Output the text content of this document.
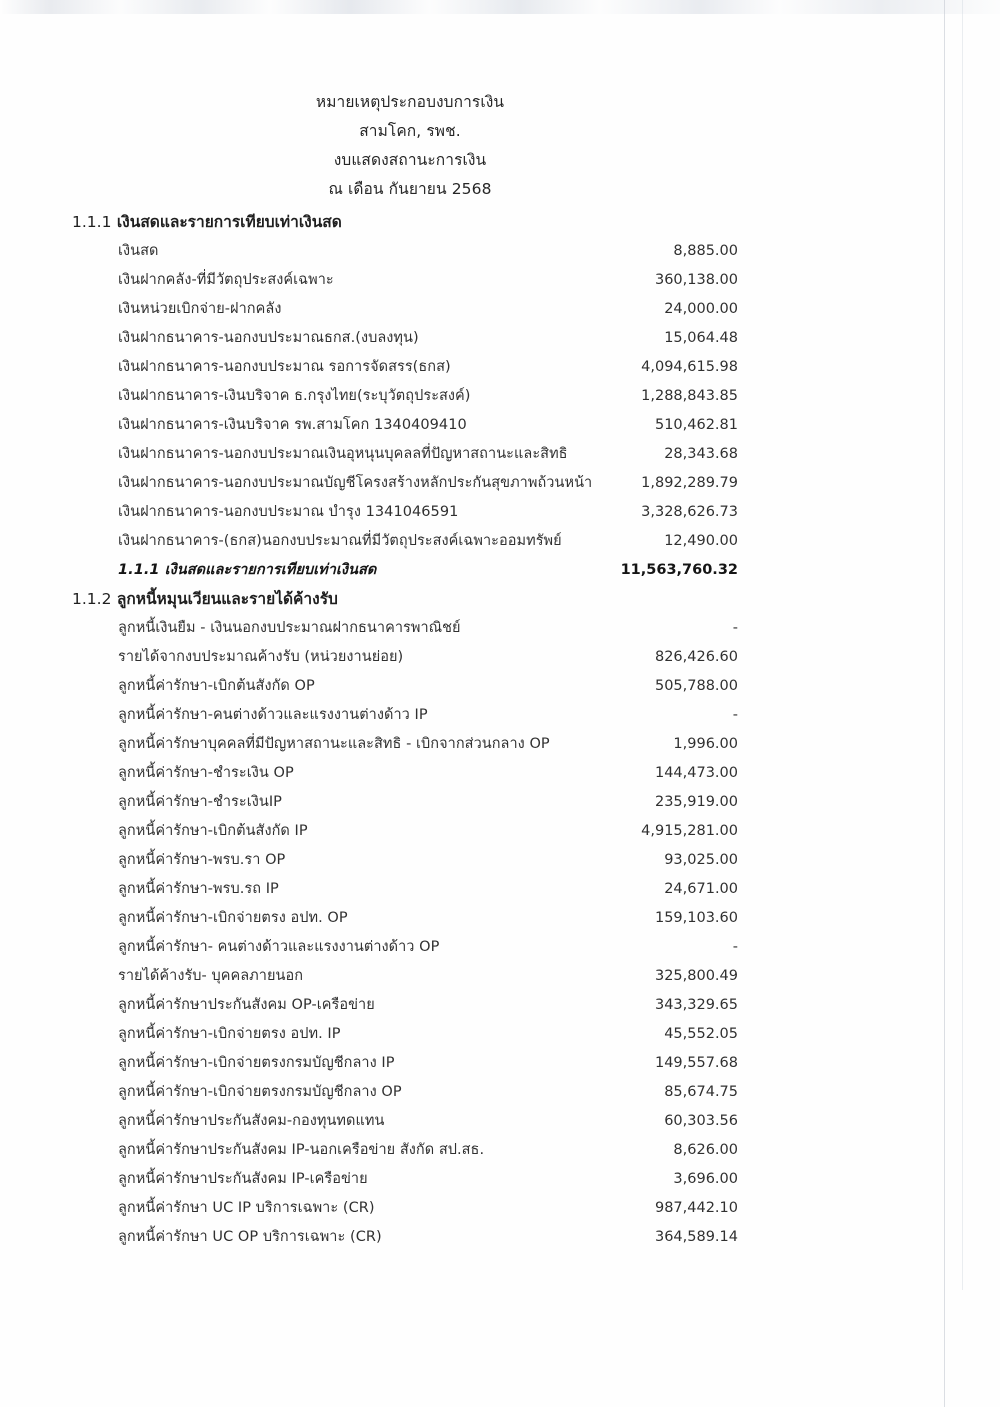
หมายเหตุประกอบงบการเงิน
สามโคก, รพช.
งบแสดงสถานะการเงิน
ณ เดือน กันยายน 2568
1.1.1 เงินสดและรายการเทียบเท่าเงินสด
เงินสด	8,885.00
เงินฝากคลัง-ที่มีวัตถุประสงค์เฉพาะ	360,138.00
เงินหน่วยเบิกจ่าย-ฝากคลัง	24,000.00
เงินฝากธนาคาร-นอกงบประมาณธกส.(งบลงทุน)	15,064.48
เงินฝากธนาคาร-นอกงบประมาณ รอการจัดสรร(ธกส)	4,094,615.98
เงินฝากธนาคาร-เงินบริจาค ธ.กรุงไทย(ระบุวัตถุประสงค์)	1,288,843.85
เงินฝากธนาคาร-เงินบริจาค รพ.สามโคก 1340409410	510,462.81
เงินฝากธนาคาร-นอกงบประมาณเงินอุหนุนบุคลลที่ปัญหาสถานะและสิทธิ	28,343.68
เงินฝากธนาคาร-นอกงบประมาณบัญชีโครงสร้างหลักประกันสุขภาพถ้วนหน้า	1,892,289.79
เงินฝากธนาคาร-นอกงบประมาณ บำรุง 1341046591	3,328,626.73
เงินฝากธนาคาร-(ธกส)นอกงบประมาณที่มีวัตถุประสงค์เฉพาะออมทรัพย์	12,490.00
1.1.1 เงินสดและรายการเทียบเท่าเงินสด	11,563,760.32
1.1.2 ลูกหนี้หมุนเวียนและรายได้ค้างรับ
ลูกหนี้เงินยืม - เงินนอกงบประมาณฝากธนาคารพาณิชย์	-
รายได้จากงบประมาณค้างรับ (หน่วยงานย่อย)	826,426.60
ลูกหนี้ค่ารักษา-เบิกต้นสังกัด OP	505,788.00
ลูกหนี้ค่ารักษา-คนต่างด้าวและแรงงานต่างด้าว IP	-
ลูกหนี้ค่ารักษาบุคคลที่มีปัญหาสถานะและสิทธิ - เบิกจากส่วนกลาง OP	1,996.00
ลูกหนี้ค่ารักษา-ชำระเงิน OP	144,473.00
ลูกหนี้ค่ารักษา-ชำระเงินIP	235,919.00
ลูกหนี้ค่ารักษา-เบิกต้นสังกัด IP	4,915,281.00
ลูกหนี้ค่ารักษา-พรบ.รา OP	93,025.00
ลูกหนี้ค่ารักษา-พรบ.รถ IP	24,671.00
ลูกหนี้ค่ารักษา-เบิกจ่ายตรง อปท. OP	159,103.60
ลูกหนี้ค่ารักษา- คนต่างด้าวและแรงงานต่างด้าว OP	-
รายได้ค้างรับ- บุคคลภายนอก	325,800.49
ลูกหนี้ค่ารักษาประกันสังคม OP-เครือข่าย	343,329.65
ลูกหนี้ค่ารักษา-เบิกจ่ายตรง อปท. IP	45,552.05
ลูกหนี้ค่ารักษา-เบิกจ่ายตรงกรมบัญชีกลาง IP	149,557.68
ลูกหนี้ค่ารักษา-เบิกจ่ายตรงกรมบัญชีกลาง OP	85,674.75
ลูกหนี้ค่ารักษาประกันสังคม-กองทุนทดแทน	60,303.56
ลูกหนี้ค่ารักษาประกันสังคม IP-นอกเครือข่าย สังกัด สป.สธ.	8,626.00
ลูกหนี้ค่ารักษาประกันสังคม IP-เครือข่าย	3,696.00
ลูกหนี้ค่ารักษา UC IP บริการเฉพาะ (CR)	987,442.10
ลูกหนี้ค่ารักษา UC OP บริการเฉพาะ (CR)	364,589.14
